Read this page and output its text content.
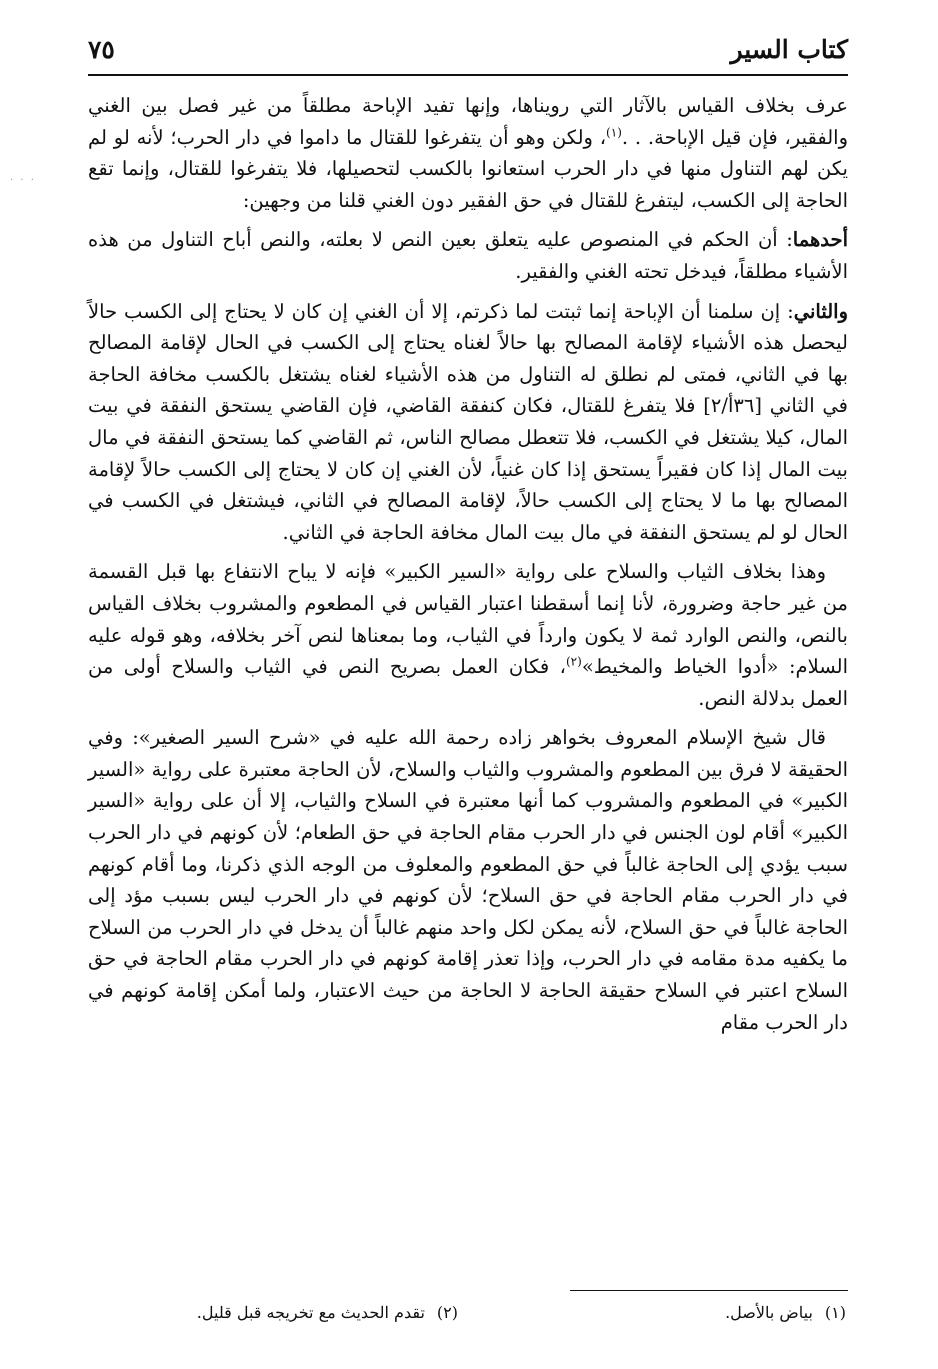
· · ·
كتاب السير
٧٥

عرف بخلاف القياس بالآثار التي رويناها، وإنها تفيد الإباحة مطلقاً من غير فصل بين الغني والفقير، فإن قيل الإباحة. . .$^{(١)}$، ولكن وهو أن يتفرغوا للقتال ما داموا في دار الحرب؛ لأنه لو لم يكن لهم التناول منها في دار الحرب استعانوا بالكسب لتحصيلها، فلا يتفرغوا للقتال، وإنما تقع الحاجة إلى الكسب، ليتفرغ للقتال في حق الفقير دون الغني قلنا من وجهين:

أحدهما: أن الحكم في المنصوص عليه يتعلق بعين النص لا بعلته، والنص أباح التناول من هذه الأشياء مطلقاً، فيدخل تحته الغني والفقير.

والثاني: إن سلمنا أن الإباحة إنما ثبتت لما ذكرتم، إلا أن الغني إن كان لا يحتاج إلى الكسب حالاً ليحصل هذه الأشياء لإقامة المصالح بها حالاً لغناه يحتاج إلى الكسب في الحال لإقامة المصالح بها في الثاني، فمتى لم نطلق له التناول من هذه الأشياء لغناه يشتغل بالكسب مخافة الحاجة في الثاني [٣٦أ/٢] فلا يتفرغ للقتال، فكان كنفقة القاضي، فإن القاضي يستحق النفقة في بيت المال، كيلا يشتغل في الكسب، فلا تتعطل مصالح الناس، ثم القاضي كما يستحق النفقة في مال بيت المال إذا كان فقيراً يستحق إذا كان غنياً، لأن الغني إن كان لا يحتاج إلى الكسب حالاً لإقامة المصالح بها ما لا يحتاج إلى الكسب حالاً، لإقامة المصالح في الثاني، فيشتغل في الكسب في الحال لو لم يستحق النفقة في مال بيت المال مخافة الحاجة في الثاني.

وهذا بخلاف الثياب والسلاح على رواية «السير الكبير» فإنه لا يباح الانتفاع بها قبل القسمة من غير حاجة وضرورة، لأنا إنما أسقطنا اعتبار القياس في المطعوم والمشروب بخلاف القياس بالنص، والنص الوارد ثمة لا يكون وارداً في الثياب، وما بمعناها لنص آخر بخلافه، وهو قوله عليه السلام: «أدوا الخياط والمخيط»$^{(٢)}$، فكان العمل بصريح النص في الثياب والسلاح أولى من العمل بدلالة النص.

قال شيخ الإسلام المعروف بخواهر زاده رحمة الله عليه في «شرح السير الصغير»: وفي الحقيقة لا فرق بين المطعوم والمشروب والثياب والسلاح، لأن الحاجة معتبرة على رواية «السير الكبير» في المطعوم والمشروب كما أنها معتبرة في السلاح والثياب، إلا أن على رواية «السير الكبير» أقام لون الجنس في دار الحرب مقام الحاجة في حق الطعام؛ لأن كونهم في دار الحرب سبب يؤدي إلى الحاجة غالباً في حق المطعوم والمعلوف من الوجه الذي ذكرنا، وما أقام كونهم في دار الحرب مقام الحاجة في حق السلاح؛ لأن كونهم في دار الحرب ليس بسبب مؤد إلى الحاجة غالباً في حق السلاح، لأنه يمكن لكل واحد منهم غالباً أن يدخل في دار الحرب من السلاح ما يكفيه مدة مقامه في دار الحرب، وإذا تعذر إقامة كونهم في دار الحرب مقام الحاجة في حق السلاح اعتبر في السلاح حقيقة الحاجة لا الحاجة من حيث الاعتبار، ولما أمكن إقامة كونهم في دار الحرب مقام

(١)بياض بالأصل.
(٢)تقدم الحديث مع تخريجه قبل قليل.
